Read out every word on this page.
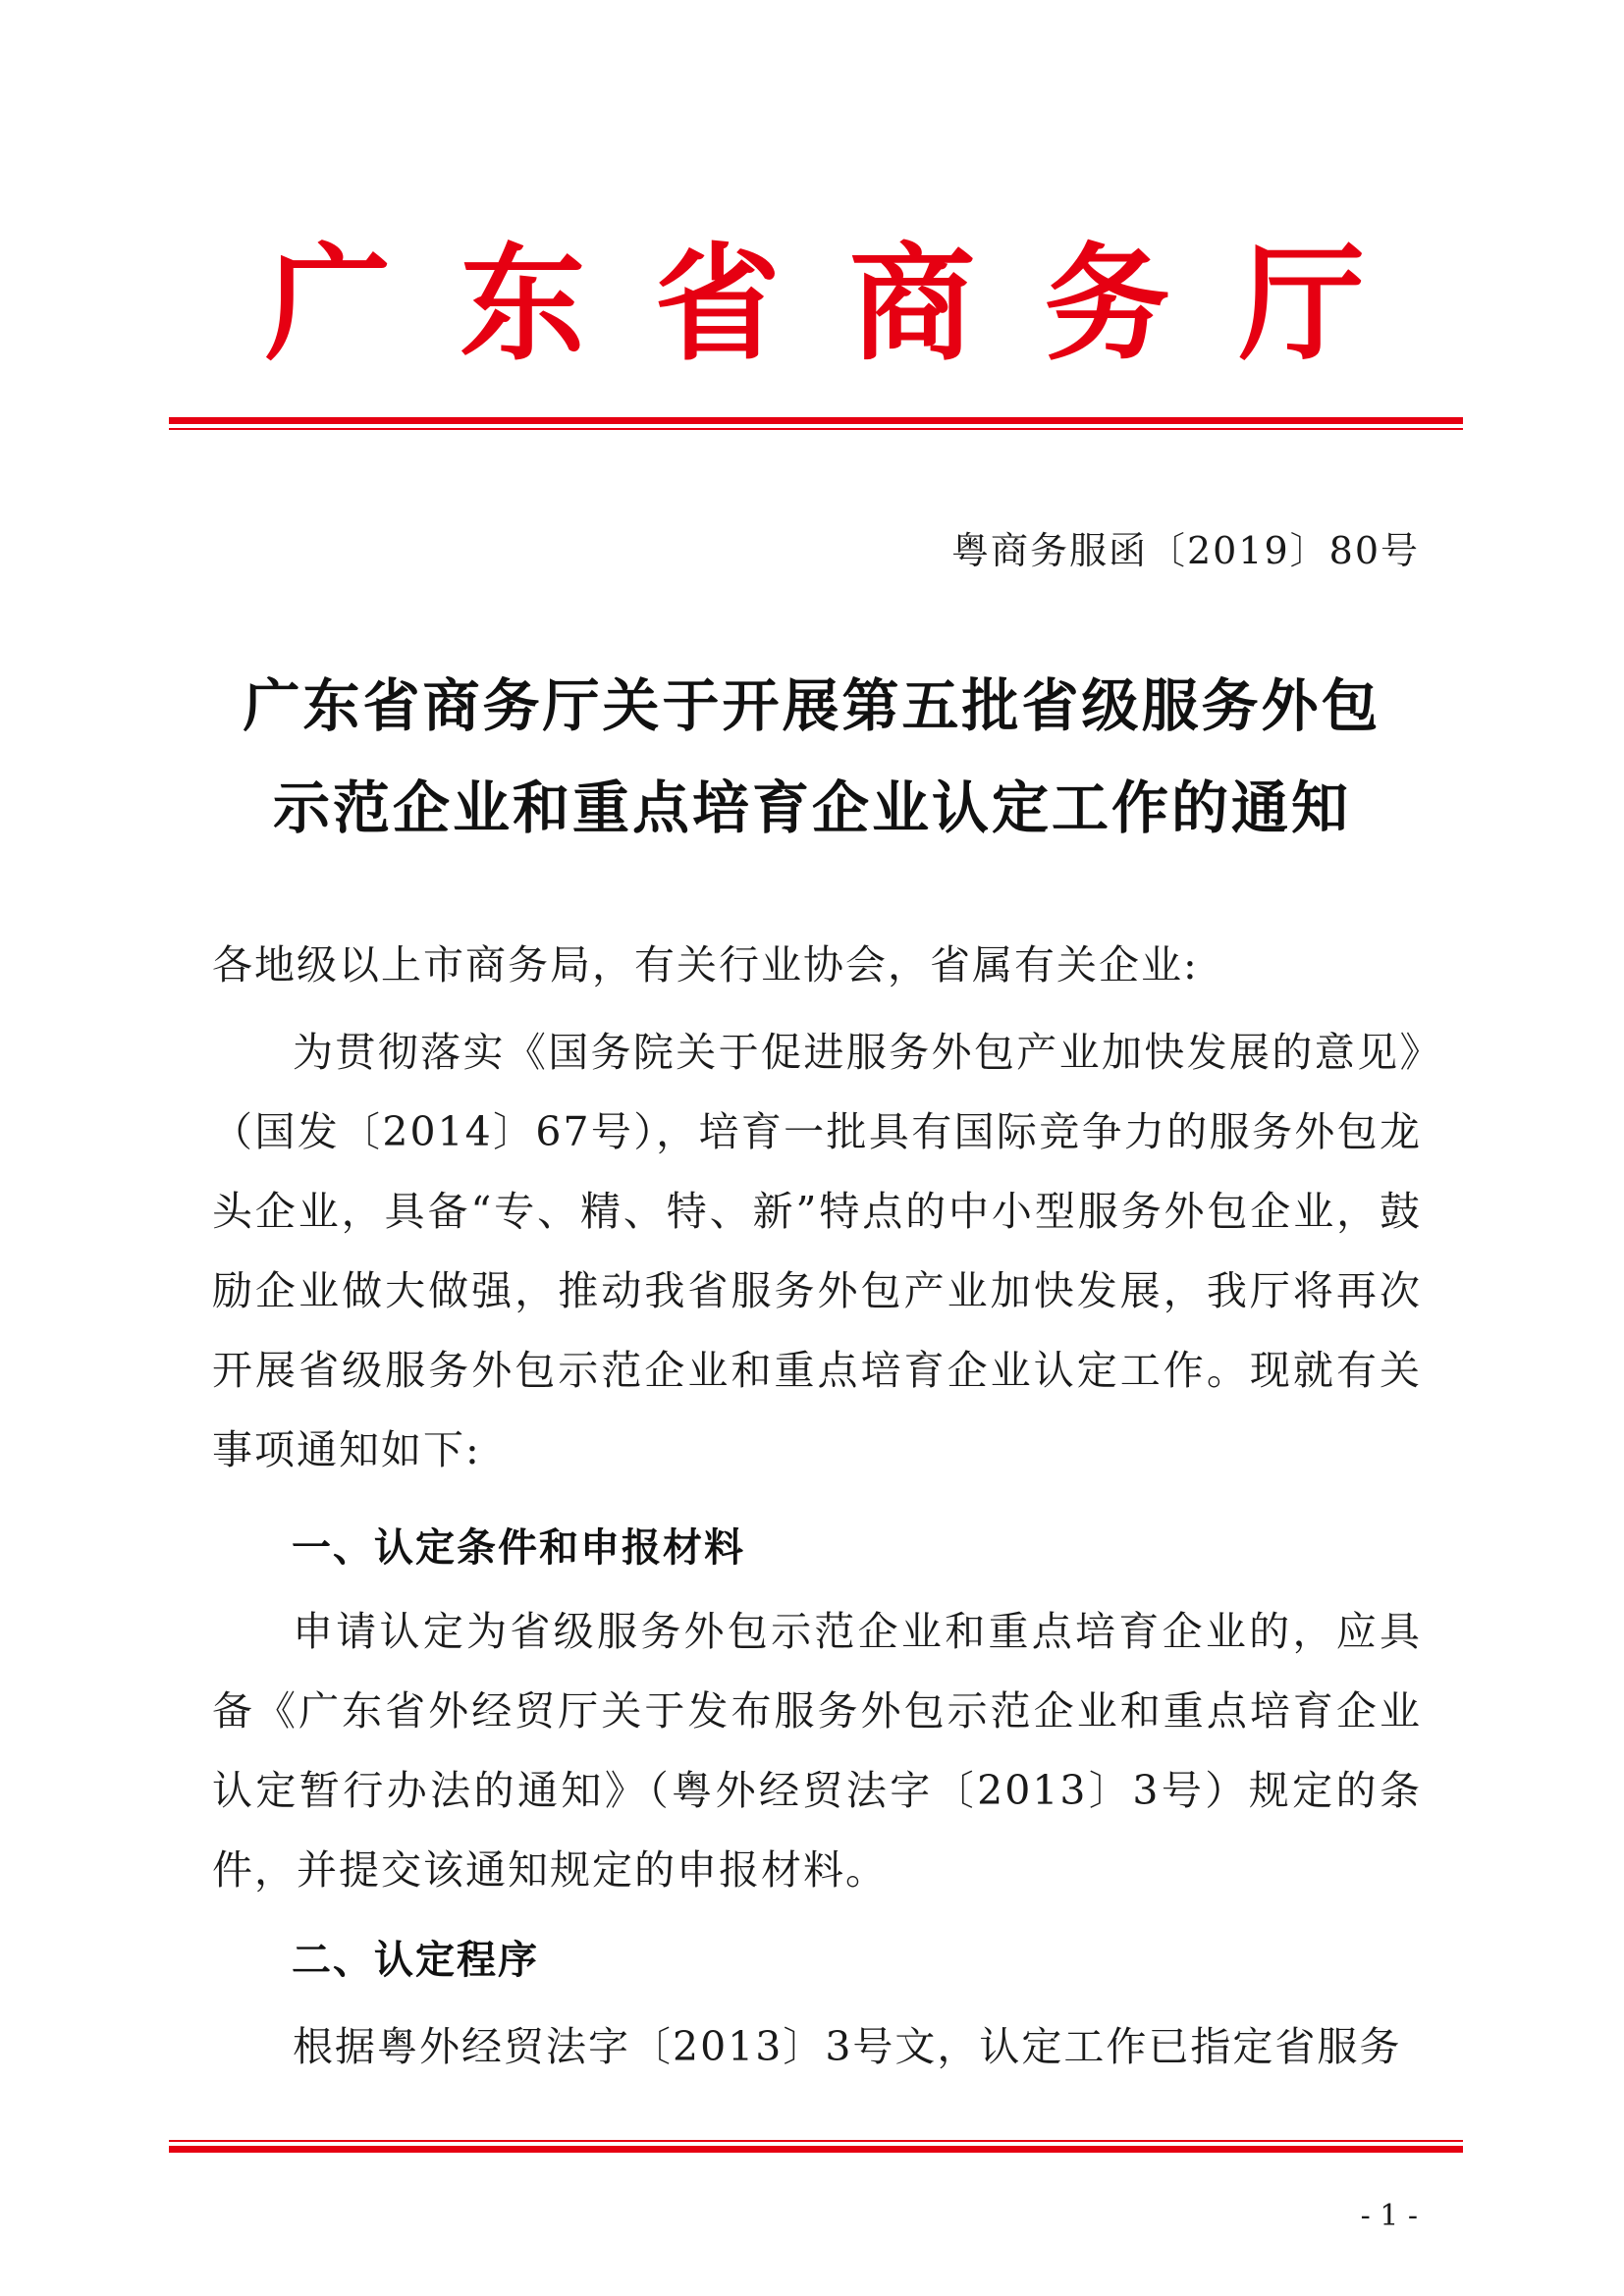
广 东 省 商 务 厅
粤商务服函〔2019〕80号
广东省商务厅关于开展第五批省级服务外包
示范企业和重点培育企业认定工作的通知
各地级以上市商务局，有关行业协会，省属有关企业:
为贯彻落实《国务院关于促进服务外包产业加快发展的意见》（国发〔2014〕67号），培育一批具有国际竞争力的服务外包龙头企业，具备“专、精、特、新”特点的中小型服务外包企业，鼓励企业做大做强，推动我省服务外包产业加快发展，我厅将再次开展省级服务外包示范企业和重点培育企业认定工作。现就有关事项通知如下:
一、认定条件和申报材料
申请认定为省级服务外包示范企业和重点培育企业的，应具备《广东省外经贸厅关于发布服务外包示范企业和重点培育企业认定暂行办法的通知》（粤外经贸法字〔2013〕3号）规定的条件，并提交该通知规定的申报材料。
二、认定程序
根据粤外经贸法字〔2013〕3号文，认定工作已指定省服务
- 1 -
